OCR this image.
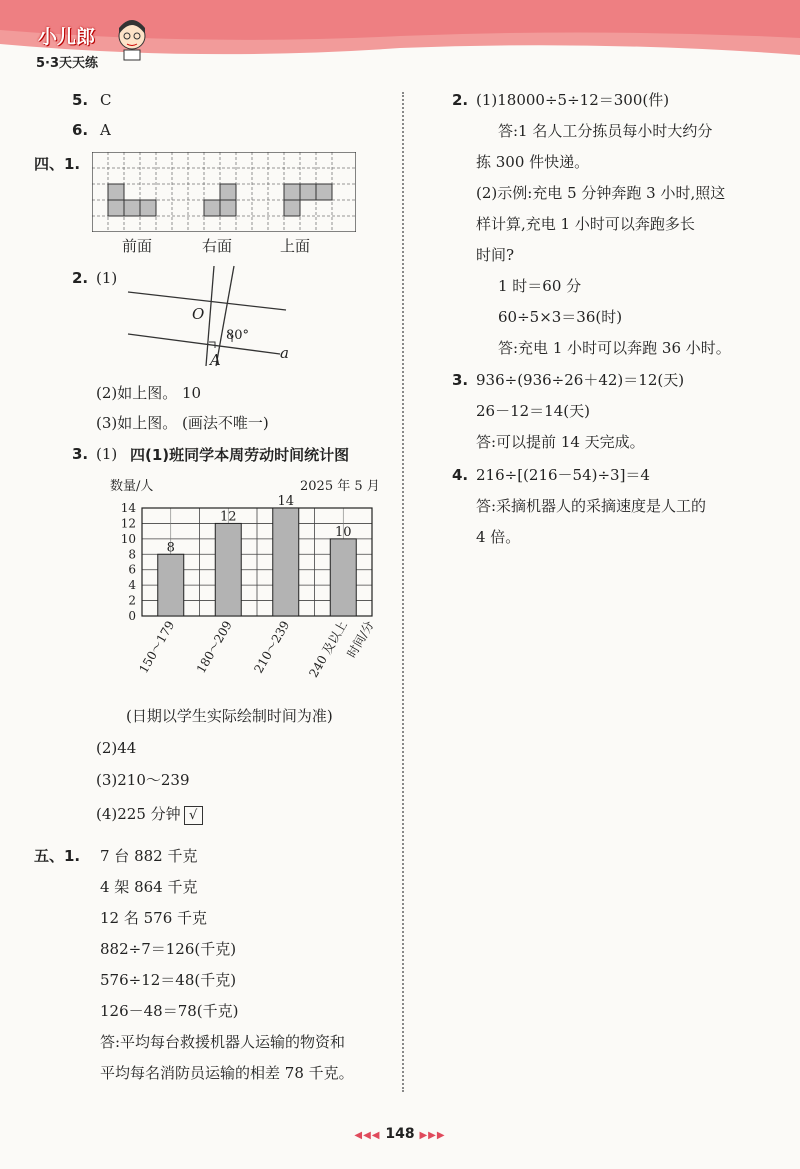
小儿郎
5·3天天练
5. C
6. A
四、1.
前面	右面	上面
2. (1)
O
80°
A	a
(2)如上图。 10
(3)如上图。 (画法不唯一)
3. (1) 四(1)班同学本周劳动时间统计图
数量/人	2025 年 5 月
0
2
4
6
8
10
12
14
8
150～179
12
180～209
14
210～239
10
240 及以上
时间/分
(日期以学生实际绘制时间为准)
(2)44
(3)210～239
(4)225 分钟 √
五、1. 7 台 882 千克
4 架 864 千克
12 名 576 千克
882÷7＝126(千克)
576÷12＝48(千克)
126－48＝78(千克)
答:平均每台救援机器人运输的物资和
平均每名消防员运输的相差 78 千克。
2. (1)18000÷5÷12＝300(件)
答:1 名人工分拣员每小时大约分
拣 300 件快递。
(2)示例:充电 5 分钟奔跑 3 小时,照这
样计算,充电 1 小时可以奔跑多长
时间?
1 时＝60 分
60÷5×3＝36(时)
答:充电 1 小时可以奔跑 36 小时。
3. 936÷(936÷26＋42)＝12(天)
26－12＝14(天)
答:可以提前 14 天完成。
4. 216÷[(216－54)÷3]＝4
答:采摘机器人的采摘速度是人工的
4 倍。
◀◀◀ 148 ▶▶▶
